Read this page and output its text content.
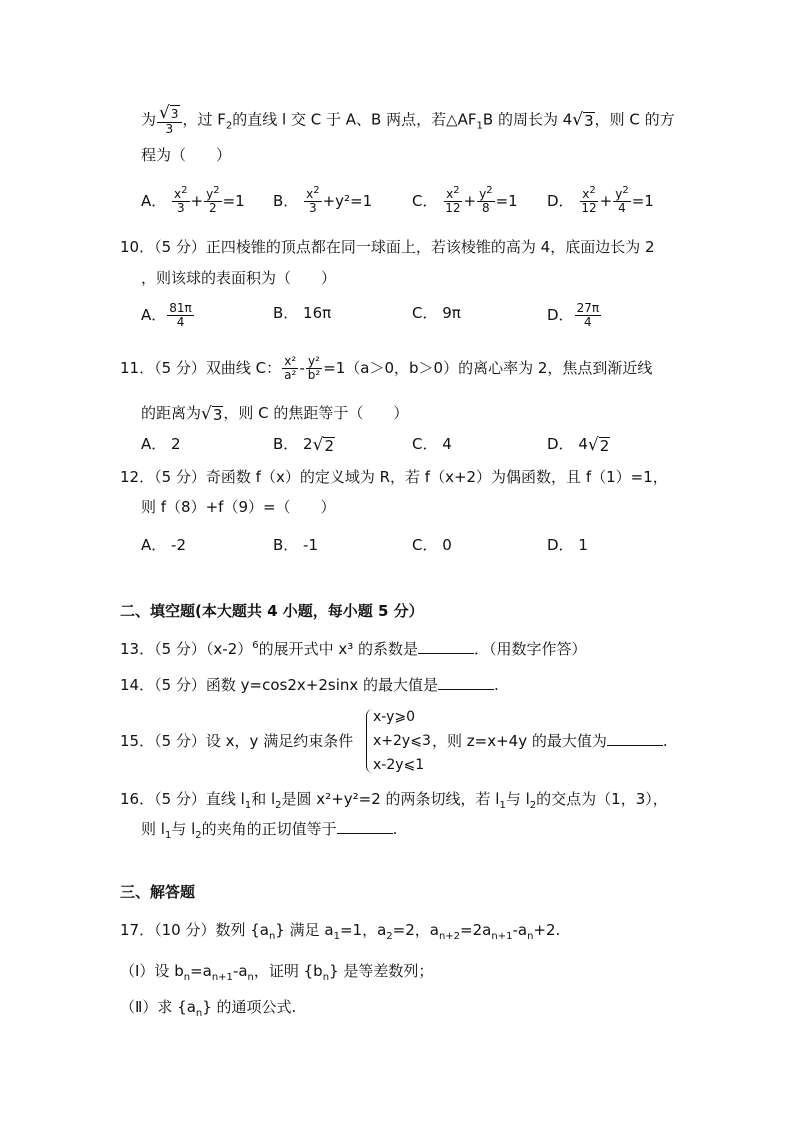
为 $\frac{√ 3}{3}$ ，过 $F_2$的直线 l 交 C 于 A、B 两点，若$\triangle AF_1B$ 的周长为 4 √ 3 ，则 C 的方
程为（　　）
A． $\frac{x^2}{3} + \frac{y^2}{2} =1$ B． $\frac{x^2}{3} +y^2=1$	C． $\frac{x^2}{12} + \frac{y^2}{8} =1$ D． $\frac{x^2}{12} + \frac{y^2}{4} =1$
10．（5 分）正四棱锥的顶点都在同一球面上，若该棱锥的高为 4，底面边长为 2
，则该球的表面积为（　　）
A． $\frac{81\pi}{4}$	B． 16π	C． 9π	D． $\frac{27\pi}{4}$
11．（5 分）双曲线 C： $\frac{\text{x²}}{\text{a²}} - \frac{\text{y²}}{\text{b²}} =1(a>0$，b＞0）的离心率为 2，焦点到渐近线
的距离为 √ 3 ，则 C 的焦距等于（　　）
A． 2	B． 2 √ 2	C． 4	D． 4 √ 2
12．（5 分）奇函数 f（x）的定义域为 R，若 f（x+2）为偶函数，且 f（1）=1，
则 f（8）+f（9）=（　　）
A． -2	B． -1	C． 0	D． 1
二、填空题(本大题共 4 小题，每小题 5 分）
13．（5 分）$(x-2)^6$的展开式中 x³ 的系数是	．（用数字作答）
14．（5 分）函数 y=cos2x+2sinx 的最大值是	.
15．（5 分）设 x，y 满足约束条件
x-y⩾0
x+2y⩽3
x-2y⩽1
，则 z=x+4y 的最大值为	.
16．（5 分）直线 $l_1$和 $l_2$是圆 x²+y²=2 的两条切线，若 $l_1$与 $l_2$的交点为（1，3），
则 $l_1$与 $l_2$的夹角的正切值等于	.
三、解答题
17．（10 分）数列 $\{a_n\}$ 满足 $a_1=1$，$a_2=2$，$a_{n+2}=2a_{n+1}-a_n+2$.
（Ⅰ）设 $b_n=a_{n+1}-a_n$，证明 $\{b_n\}$ 是等差数列；
（Ⅱ）求 $\{a_n\}$ 的通项公式.
